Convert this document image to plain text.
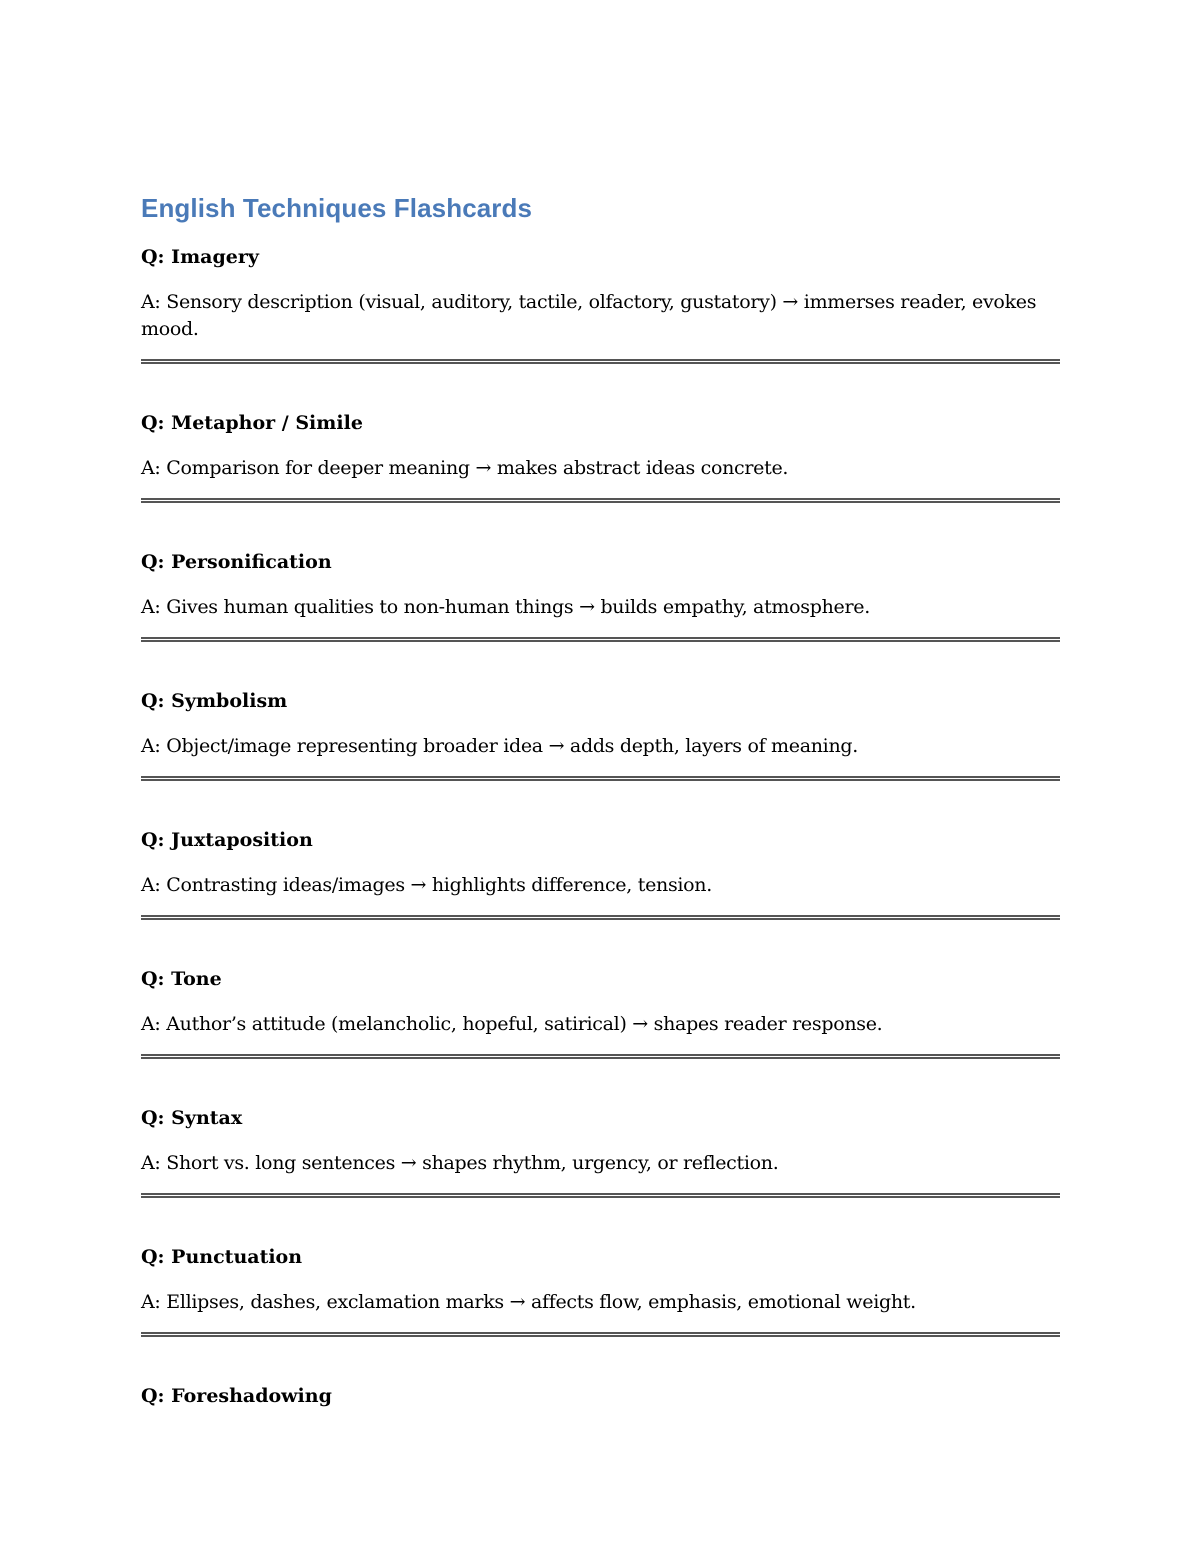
English Techniques Flashcards

Q: Imagery

A: Sensory description (visual, auditory, tactile, olfactory, gustatory) → immerses reader, evokes mood.

Q: Metaphor / Simile

A: Comparison for deeper meaning → makes abstract ideas concrete.

Q: Personification

A: Gives human qualities to non-human things → builds empathy, atmosphere.

Q: Symbolism

A: Object/image representing broader idea → adds depth, layers of meaning.

Q: Juxtaposition

A: Contrasting ideas/images → highlights difference, tension.

Q: Tone

A: Author’s attitude (melancholic, hopeful, satirical) → shapes reader response.

Q: Syntax

A: Short vs. long sentences → shapes rhythm, urgency, or reflection.

Q: Punctuation

A: Ellipses, dashes, exclamation marks → affects flow, emphasis, emotional weight.

Q: Foreshadowing
